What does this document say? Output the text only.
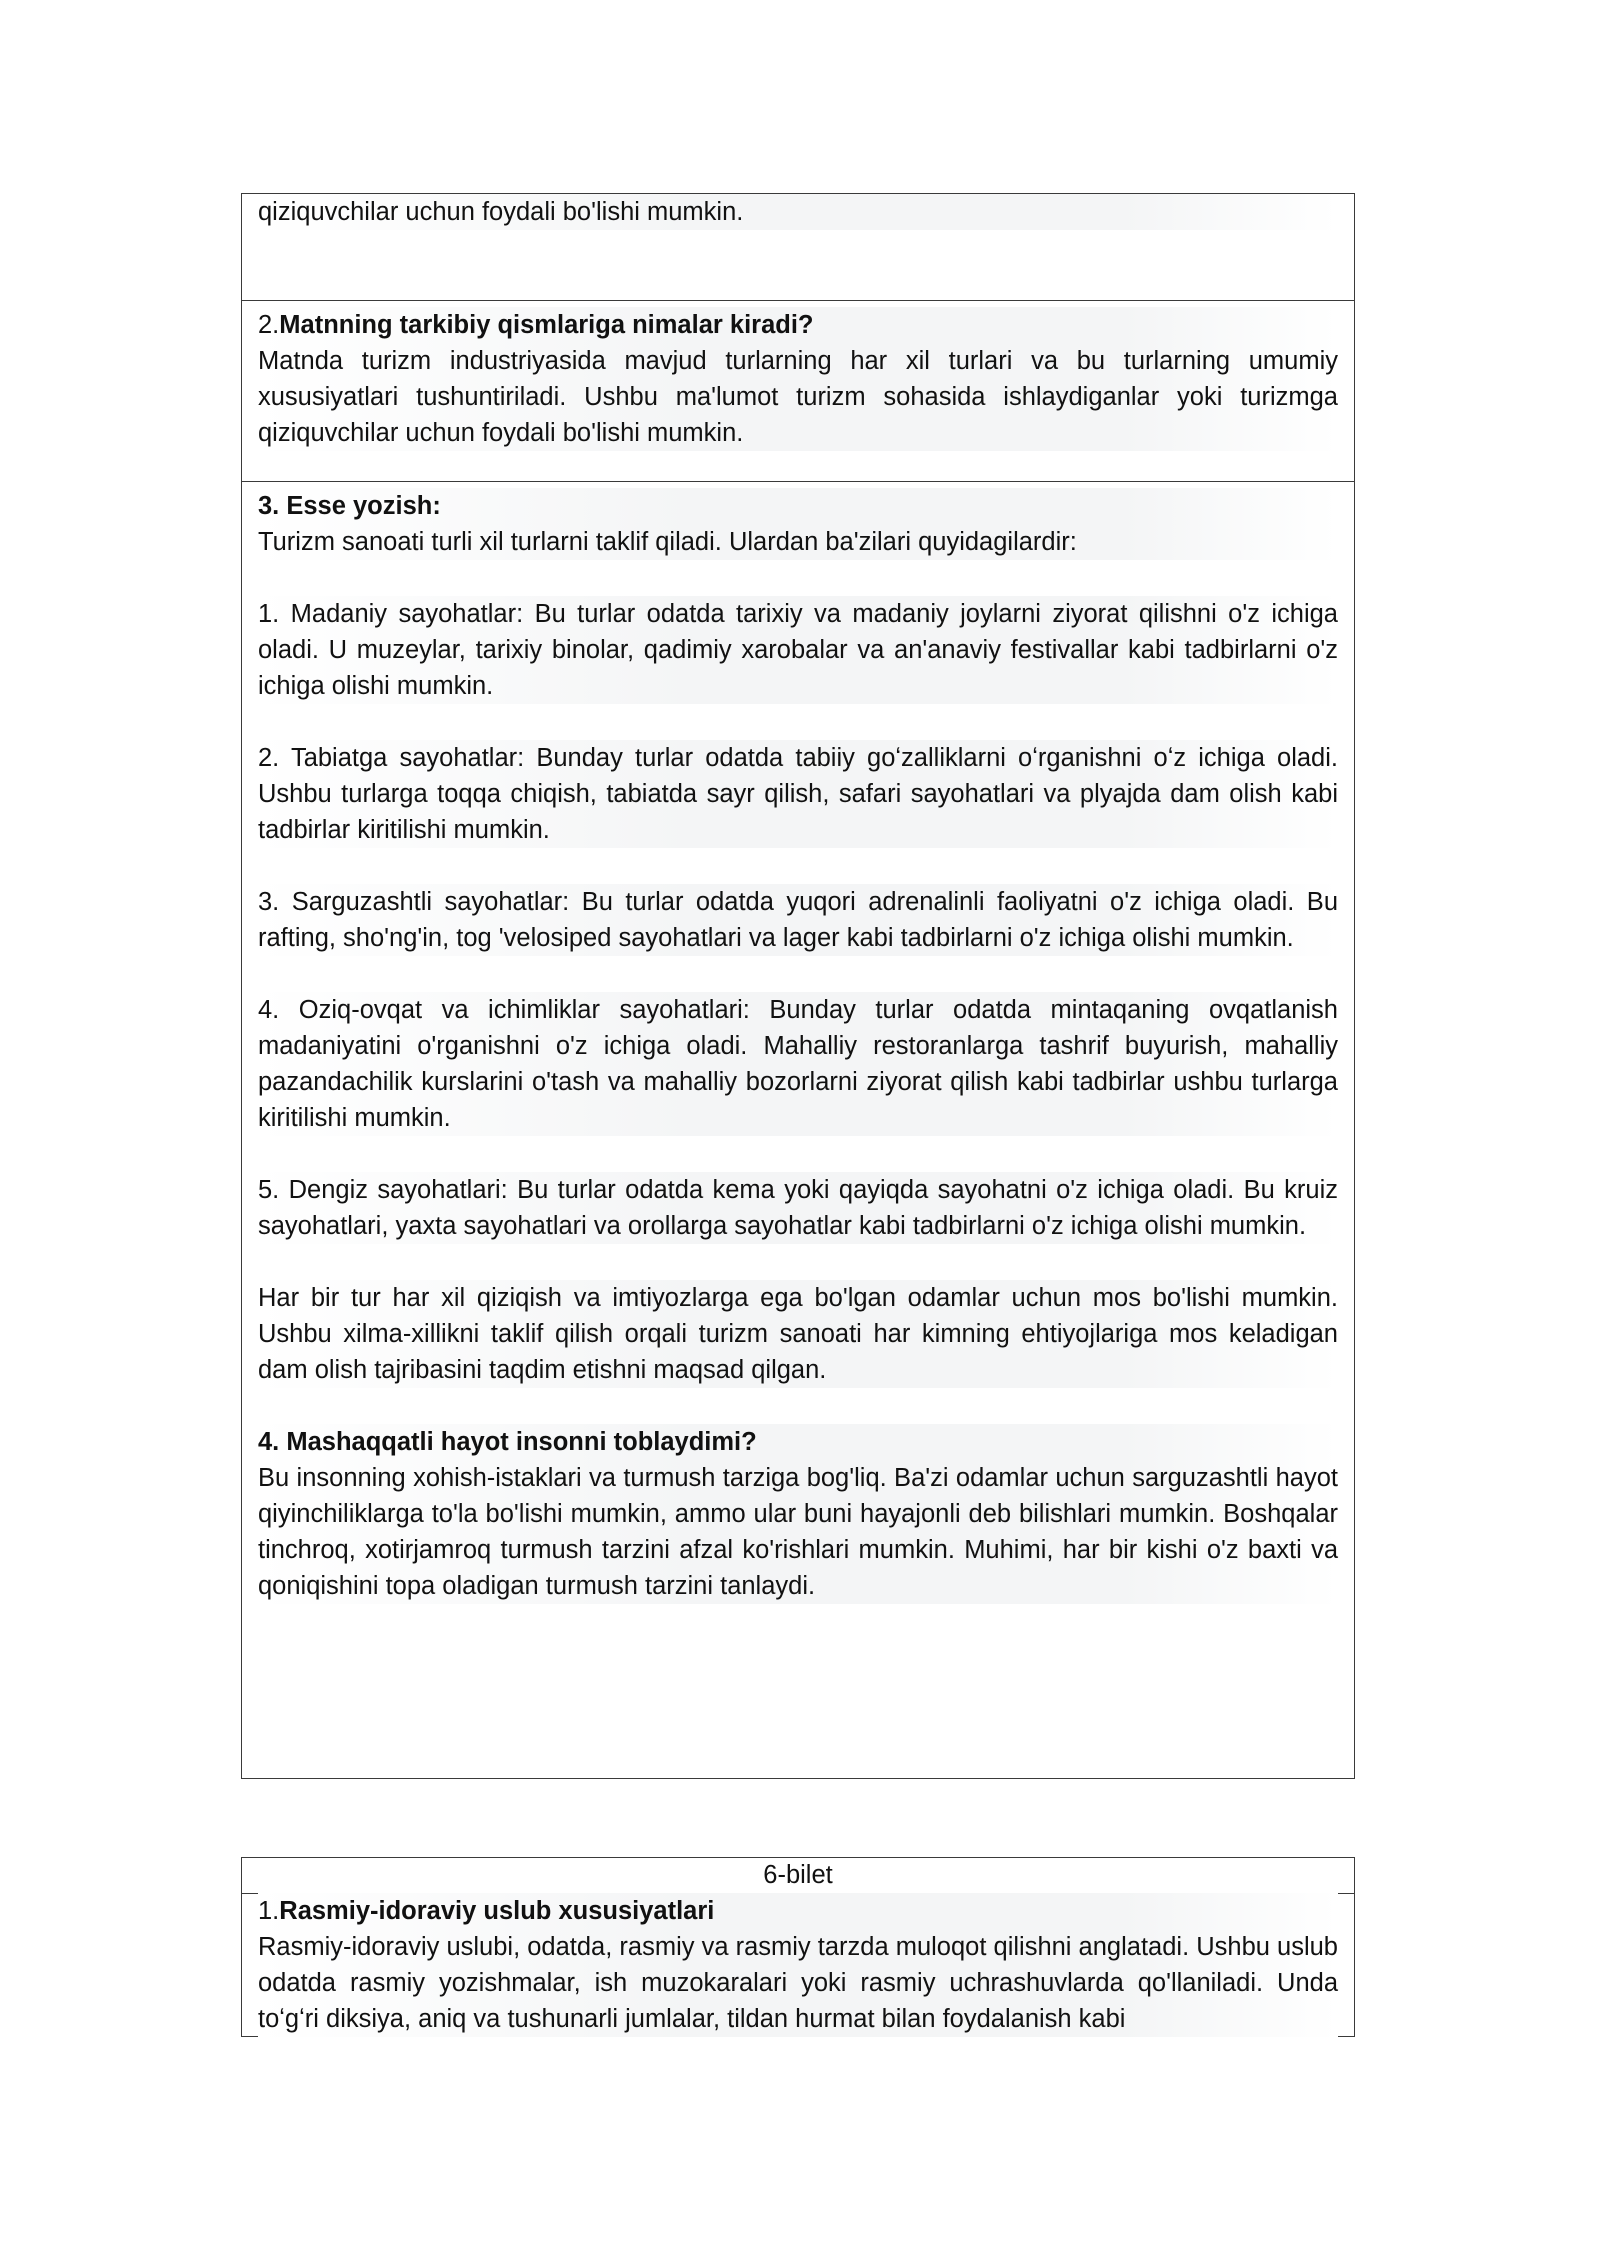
qiziquvchilar uchun foydali bo'lishi mumkin.

2.Matnning tarkibiy qismlariga nimalar kiradi?

Matnda turizm industriyasida mavjud turlarning har xil turlari va bu turlarning umumiy xususiyatlari tushuntiriladi. Ushbu ma'lumot turizm sohasida ishlaydiganlar yoki turizmga qiziquvchilar uchun foydali bo'lishi mumkin.

3. Esse yozish:

Turizm sanoati turli xil turlarni taklif qiladi. Ulardan ba'zilari quyidagilardir:

1. Madaniy sayohatlar: Bu turlar odatda tarixiy va madaniy joylarni ziyorat qilishni o'z ichiga oladi. U muzeylar, tarixiy binolar, qadimiy xarobalar va an'anaviy festivallar kabi tadbirlarni o'z ichiga olishi mumkin.

2. Tabiatga sayohatlar: Bunday turlar odatda tabiiy goʻzalliklarni oʻrganishni oʻz ichiga oladi. Ushbu turlarga toqqa chiqish, tabiatda sayr qilish, safari sayohatlari va plyajda dam olish kabi tadbirlar kiritilishi mumkin.

3. Sarguzashtli sayohatlar: Bu turlar odatda yuqori adrenalinli faoliyatni o'z ichiga oladi. Bu rafting, sho'ng'in, tog 'velosiped sayohatlari va lager kabi tadbirlarni o'z ichiga olishi mumkin.

4. Oziq-ovqat va ichimliklar sayohatlari: Bunday turlar odatda mintaqaning ovqatlanish madaniyatini o'rganishni o'z ichiga oladi. Mahalliy restoranlarga tashrif buyurish, mahalliy pazandachilik kurslarini o'tash va mahalliy bozorlarni ziyorat qilish kabi tadbirlar ushbu turlarga kiritilishi mumkin.

5. Dengiz sayohatlari: Bu turlar odatda kema yoki qayiqda sayohatni o'z ichiga oladi. Bu kruiz sayohatlari, yaxta sayohatlari va orollarga sayohatlar kabi tadbirlarni o'z ichiga olishi mumkin.

Har bir tur har xil qiziqish va imtiyozlarga ega bo'lgan odamlar uchun mos bo'lishi mumkin. Ushbu xilma-xillikni taklif qilish orqali turizm sanoati har kimning ehtiyojlariga mos keladigan dam olish tajribasini taqdim etishni maqsad qilgan.

4. Mashaqqatli hayot insonni toblaydimi?

Bu insonning xohish-istaklari va turmush tarziga bog'liq. Ba'zi odamlar uchun sarguzashtli hayot qiyinchiliklarga to'la bo'lishi mumkin, ammo ular buni hayajonli deb bilishlari mumkin. Boshqalar tinchroq, xotirjamroq turmush tarzini afzal ko'rishlari mumkin. Muhimi, har bir kishi o'z baxti va qoniqishini topa oladigan turmush tarzini tanlaydi.

6-bilet

1.Rasmiy-idoraviy uslub xususiyatlari

Rasmiy-idoraviy uslubi, odatda, rasmiy va rasmiy tarzda muloqot qilishni anglatadi. Ushbu uslub odatda rasmiy yozishmalar, ish muzokaralari yoki rasmiy uchrashuvlarda qo'llaniladi. Unda toʻgʻri diksiya, aniq va tushunarli jumlalar, tildan hurmat bilan foydalanish kabi
